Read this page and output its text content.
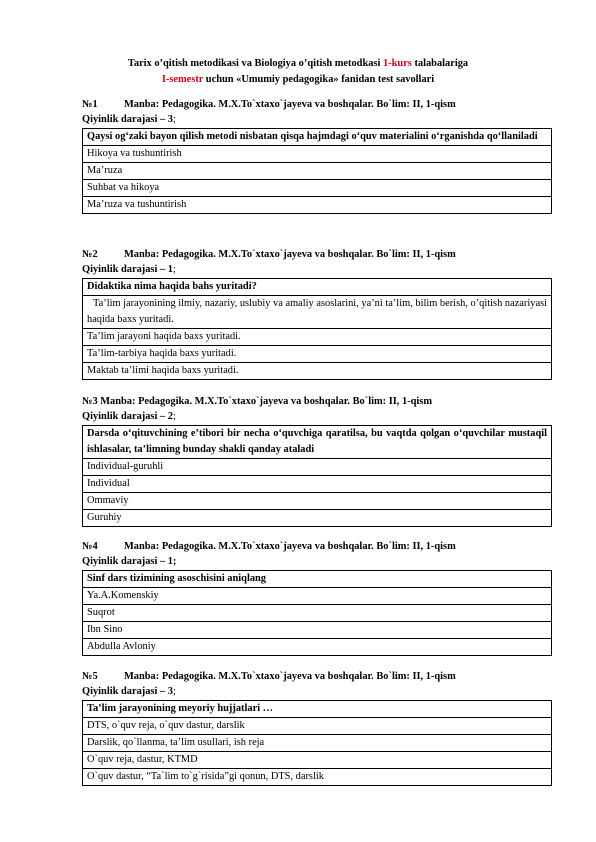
Tarix o’qitish metodikasi va Biologiya o’qitish metodkasi 1-kurs talabalariga
I-semestr uchun «Umumiy pedagogika» fanidan test savollari
№1	Manba: Pedagogika. M.X.To`xtaxo`jayeva va boshqalar. Bo`lim: II, 1-qism
Qiyinlik darajasi – 3;
Qaysi og‘zaki bayon qilish metodi nisbatan qisqa hajmdagi o‘quv materialini o‘rganishda qo‘llaniladi
Hikoya va tushuntirish
Ma’ruza
Suhbat va hikoya
Ma’ruza va tushuntirish
№2	Manba: Pedagogika. M.X.To`xtaxo`jayeva va boshqalar. Bo`lim: II, 1-qism
Qiyinlik darajasi – 1;
Didaktika nima haqida bahs yuritadi?
Ta’lim jarayonining ilmiy, nazariy, uslubiy va amaliy asoslarini, ya’ni ta’lim, bilim berish, o’qitish nazariyasi haqida baxs yuritadi.
Ta’lim jarayoni haqida baxs yuritadi.
Ta’lim-tarbiya haqida baxs yuritadi.
Maktab ta’limi haqida baxs yuritadi.
№3 Manba: Pedagogika. M.X.To`xtaxo`jayeva va boshqalar. Bo`lim: II, 1-qism
Qiyinlik darajasi – 2;
Darsda o‘qituvchining e’tibori bir necha o‘quvchiga qaratilsa, bu vaqtda qolgan o‘quvchilar mustaqil ishlasalar, ta’limning bunday shakli qanday ataladi
Individual-guruhli
Individual
Ommaviy
Guruhiy
№4	Manba: Pedagogika. M.X.To`xtaxo`jayeva va boshqalar. Bo`lim: II, 1-qism
Qiyinlik darajasi – 1;
Sinf dars tizimining asoschisini aniqlang
Ya.A.Komenskiy
Suqrot
Ibn Sino
Abdulla Avloniy
№5	Manba: Pedagogika. M.X.To`xtaxo`jayeva va boshqalar. Bo`lim: II, 1-qism
Qiyinlik darajasi – 3;
Ta’lim jarayonining meyoriy hujjatlari …
DTS, o`quv reja, o`quv dastur, darslik
Darslik, qo`llanma, ta’lim usullari, ish reja
O`quv reja, dastur, KTMD
O`quv dastur, “Ta`lim to`g`risida”gi qonun, DTS, darslik
